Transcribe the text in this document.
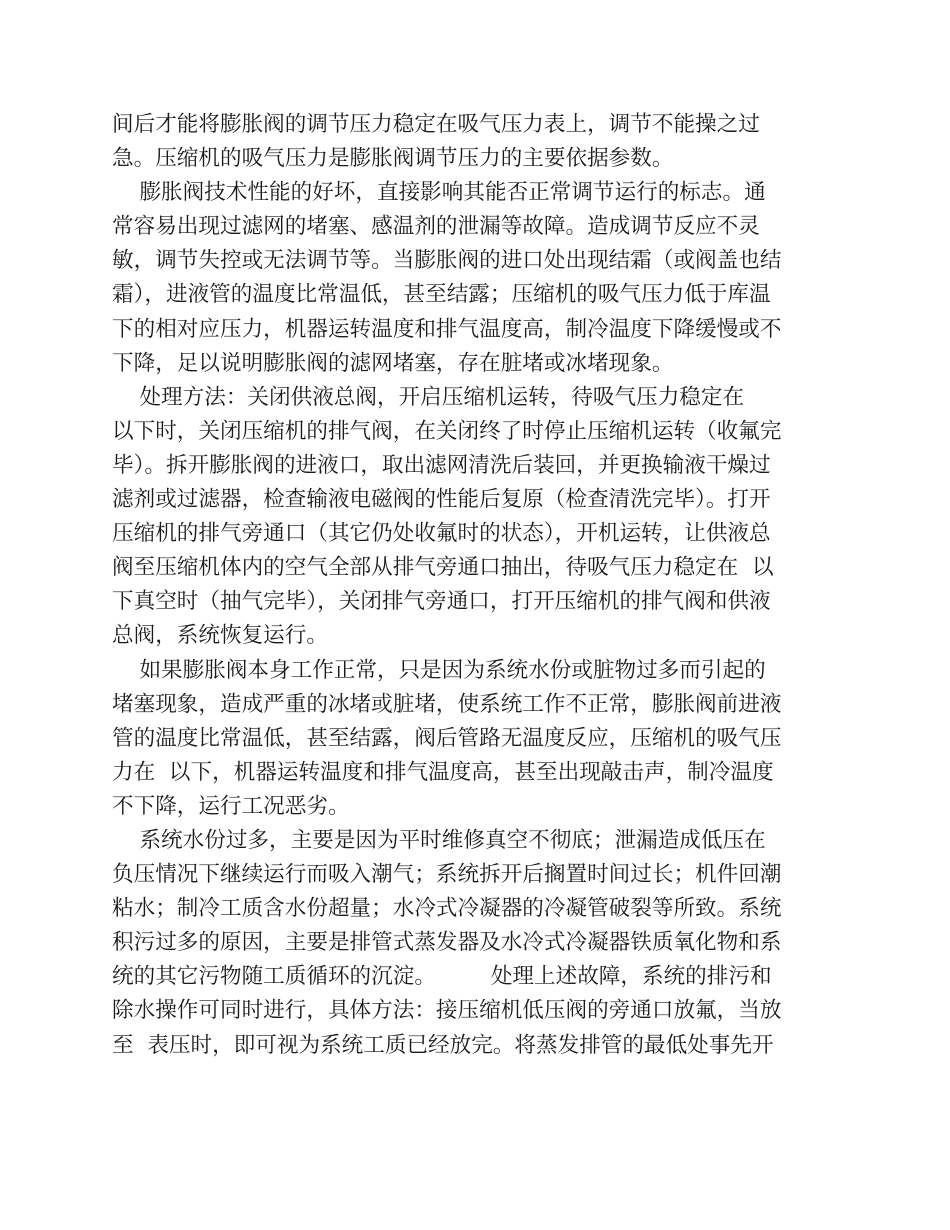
间后才能将膨胀阀的调节压力稳定在吸气压力表上，调节不能操之过
急。压缩机的吸气压力是膨胀阀调节压力的主要依据参数。
膨胀阀技术性能的好坏，直接影响其能否正常调节运行的标志。通
常容易出现过滤网的堵塞、感温剂的泄漏等故障。造成调节反应不灵
敏，调节失控或无法调节等。当膨胀阀的进口处出现结霜（或阀盖也结
霜），进液管的温度比常温低，甚至结露；压缩机的吸气压力低于库温
下的相对应压力，机器运转温度和排气温度高，制冷温度下降缓慢或不
下降，足以说明膨胀阀的滤网堵塞，存在脏堵或冰堵现象。
处理方法：关闭供液总阀，开启压缩机运转，待吸气压力稳定在
以下时，关闭压缩机的排气阀，在关闭终了时停止压缩机运转（收氟完
毕）。拆开膨胀阀的进液口，取出滤网清洗后装回，并更换输液干燥过
滤剂或过滤器，检查输液电磁阀的性能后复原（检查清洗完毕）。打开
压缩机的排气旁通口（其它仍处收氟时的状态），开机运转，让供液总
阀至压缩机体内的空气全部从排气旁通口抽出，待吸气压力稳定在  以
下真空时（抽气完毕），关闭排气旁通口，打开压缩机的排气阀和供液
总阀，系统恢复运行。
如果膨胀阀本身工作正常，只是因为系统水份或脏物过多而引起的
堵塞现象，造成严重的冰堵或脏堵，使系统工作不正常，膨胀阀前进液
管的温度比常温低，甚至结露，阀后管路无温度反应，压缩机的吸气压
力在  以下，机器运转温度和排气温度高，甚至出现敲击声，制冷温度
不下降，运行工况恶劣。
系统水份过多，主要是因为平时维修真空不彻底；泄漏造成低压在
负压情况下继续运行而吸入潮气；系统拆开后搁置时间过长；机件回潮
粘水；制冷工质含水份超量；水冷式冷凝器的冷凝管破裂等所致。系统
积污过多的原因，主要是排管式蒸发器及水冷式冷凝器铁质氧化物和系
统的其它污物随工质循环的沉淀。        处理上述故障，系统的排污和
除水操作可同时进行，具体方法：接压缩机低压阀的旁通口放氟，当放
至  表压时，即可视为系统工质已经放完。将蒸发排管的最低处事先开
